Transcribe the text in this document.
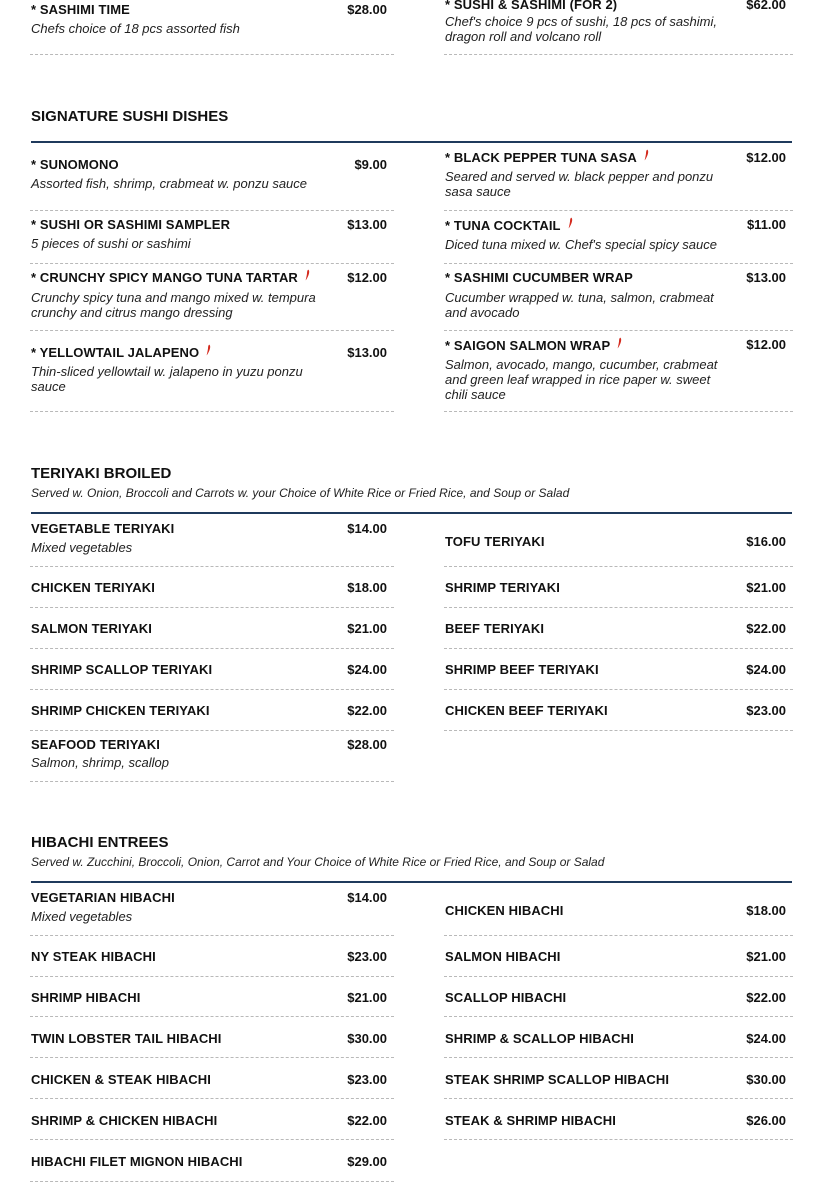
* SASHIMI TIME	$28.00
Chefs choice of 18 pcs assorted fish
* SUSHI & SASHIMI (FOR 2)	$62.00
Chef's choice 9 pcs of sushi, 18 pcs of sashimi, dragon roll and volcano roll
SIGNATURE SUSHI DISHES
* SUNOMONO	$9.00
Assorted fish, shrimp, crabmeat w. ponzu sauce
* SUSHI OR SASHIMI SAMPLER	$13.00
5 pieces of sushi or sashimi
* CRUNCHY SPICY MANGO TUNA TARTAR	$12.00
Crunchy spicy tuna and mango mixed w. tempura crunchy and citrus mango dressing
* YELLOWTAIL JALAPENO	$13.00
Thin-sliced yellowtail w. jalapeno in yuzu ponzu sauce
* BLACK PEPPER TUNA SASA	$12.00
Seared and served w. black pepper and ponzu sasa sauce
* TUNA COCKTAIL	$11.00
Diced tuna mixed w. Chef's special spicy sauce
* SASHIMI CUCUMBER WRAP	$13.00
Cucumber wrapped w. tuna, salmon, crabmeat and avocado
* SAIGON SALMON WRAP	$12.00
Salmon, avocado, mango, cucumber, crabmeat and green leaf wrapped in rice paper w. sweet chili sauce
TERIYAKI BROILED
Served w. Onion, Broccoli and Carrots w. your Choice of White Rice or Fried Rice, and Soup or Salad
VEGETABLE TERIYAKI	$14.00
Mixed vegetables
CHICKEN TERIYAKI	$18.00
SALMON TERIYAKI	$21.00
SHRIMP SCALLOP TERIYAKI	$24.00
SHRIMP CHICKEN TERIYAKI	$22.00
SEAFOOD TERIYAKI	$28.00
Salmon, shrimp, scallop
TOFU TERIYAKI	$16.00
SHRIMP TERIYAKI	$21.00
BEEF TERIYAKI	$22.00
SHRIMP BEEF TERIYAKI	$24.00
CHICKEN BEEF TERIYAKI	$23.00
HIBACHI ENTREES
Served w. Zucchini, Broccoli, Onion, Carrot and Your Choice of White Rice or Fried Rice, and Soup or Salad
VEGETARIAN HIBACHI	$14.00
Mixed vegetables
NY STEAK HIBACHI	$23.00
SHRIMP HIBACHI	$21.00
TWIN LOBSTER TAIL HIBACHI	$30.00
CHICKEN & STEAK HIBACHI	$23.00
SHRIMP & CHICKEN HIBACHI	$22.00
HIBACHI FILET MIGNON HIBACHI	$29.00
CHICKEN HIBACHI	$18.00
SALMON HIBACHI	$21.00
SCALLOP HIBACHI	$22.00
SHRIMP & SCALLOP HIBACHI	$24.00
STEAK SHRIMP SCALLOP HIBACHI	$30.00
STEAK & SHRIMP HIBACHI	$26.00
